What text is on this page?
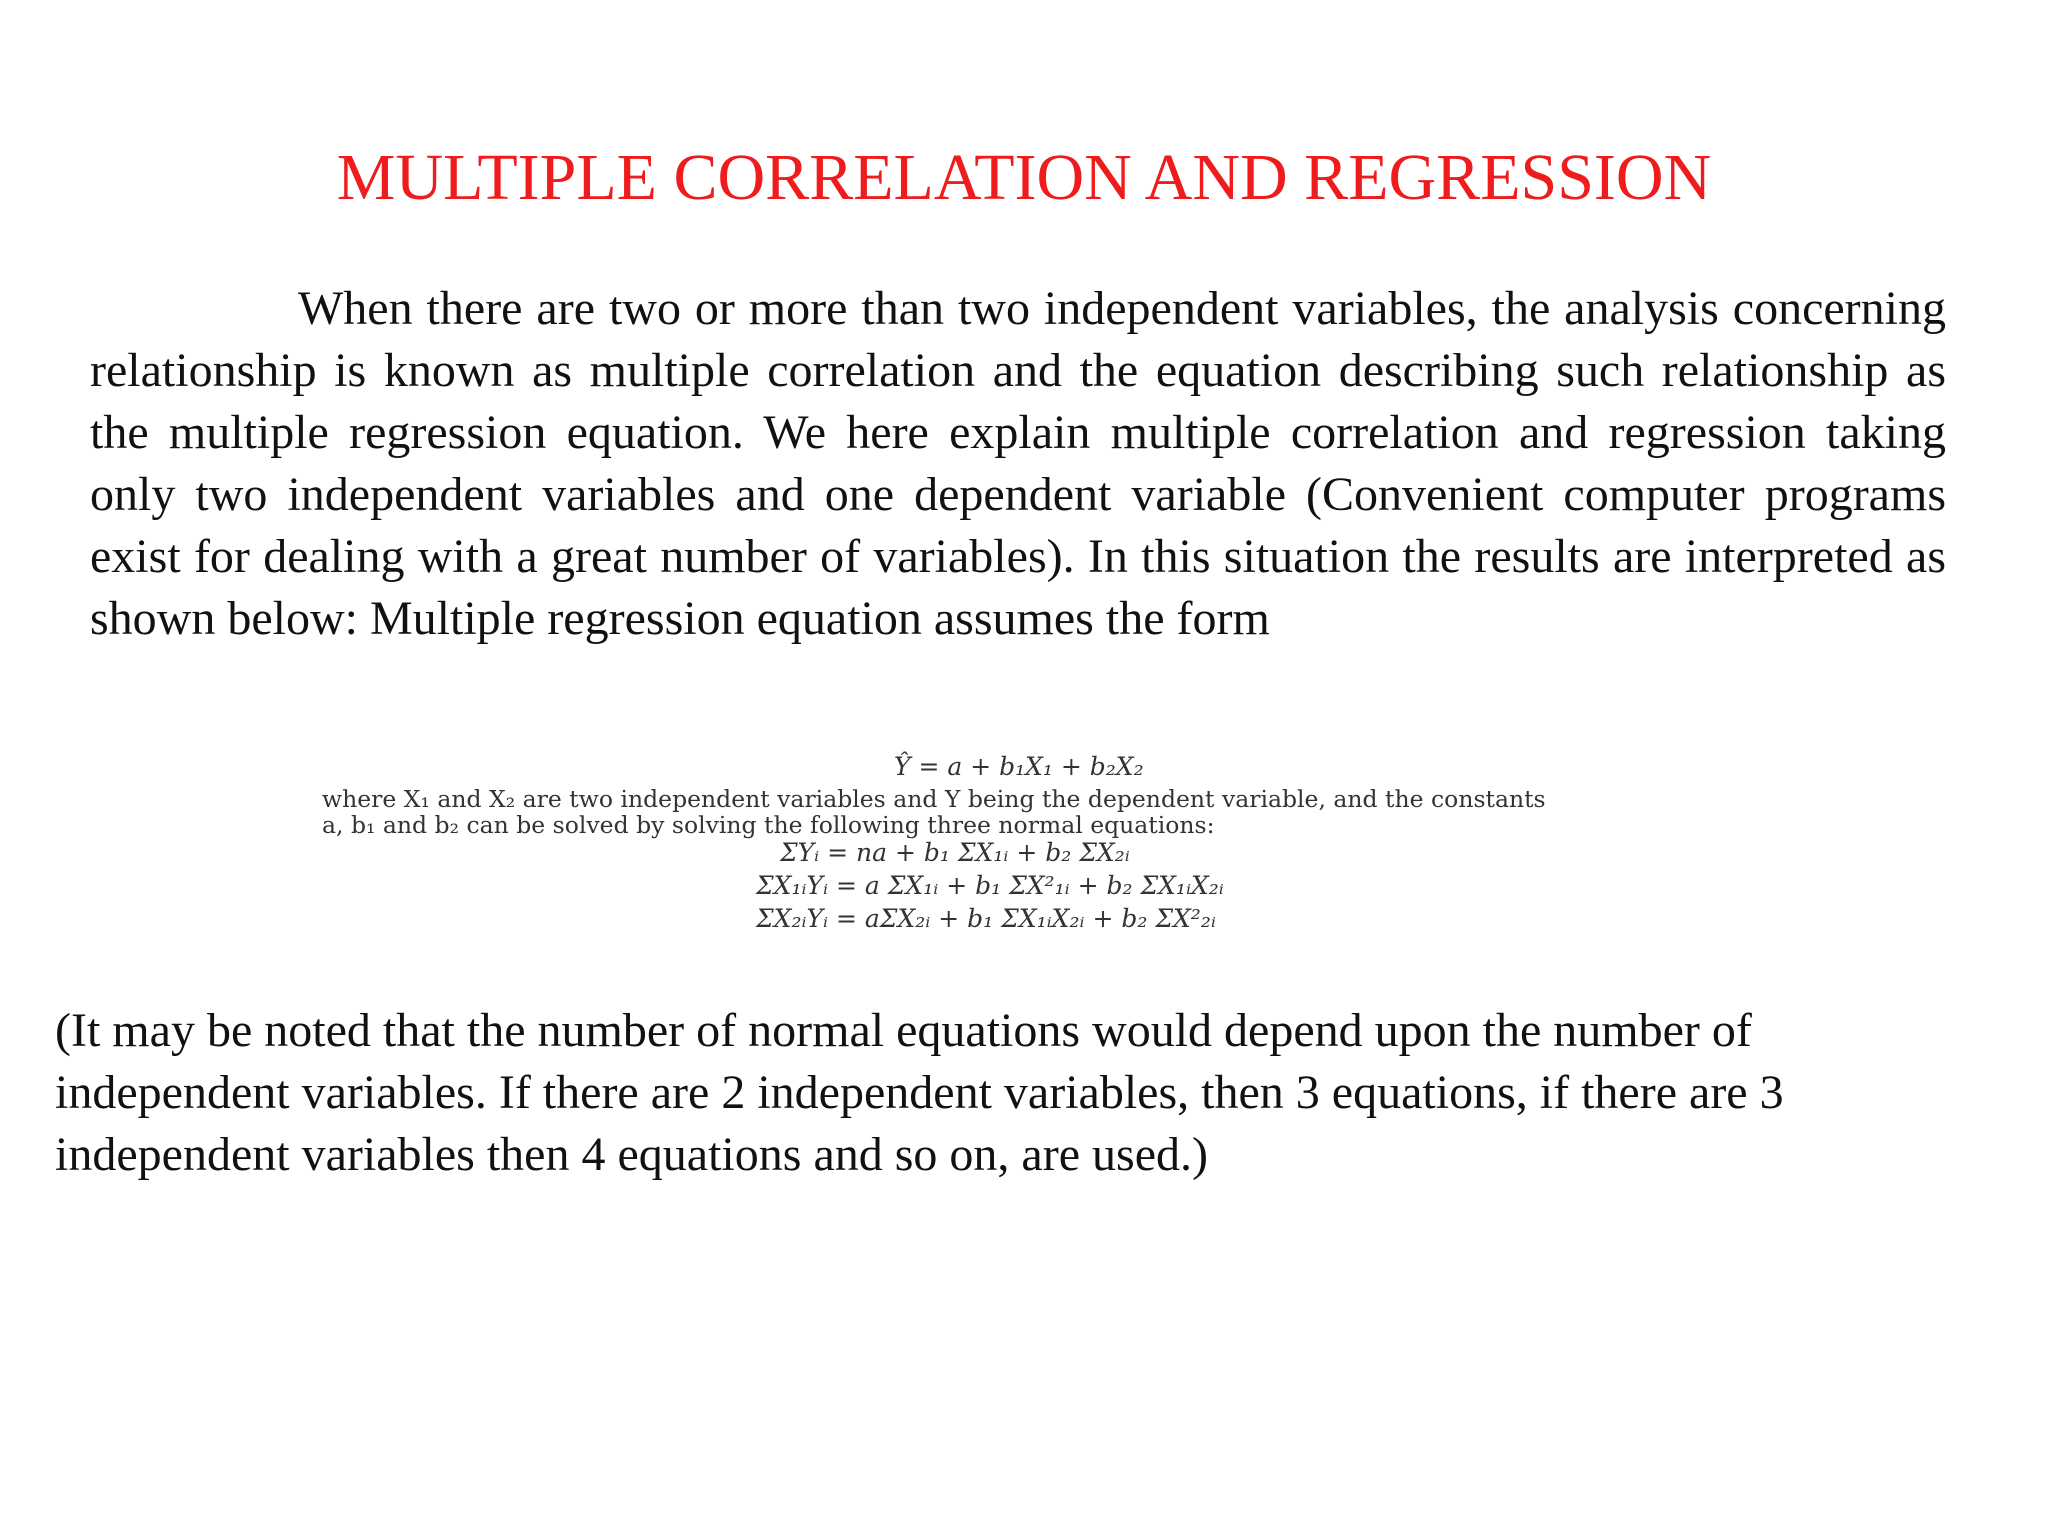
MULTIPLE CORRELATION AND REGRESSION

When there are two or more than two independent variables, the analysis concerning relationship is known as multiple correlation and the equation describing such relationship as the multiple regression equation. We here explain multiple correlation and regression taking only two independent variables and one dependent variable (Convenient computer programs exist for dealing with a great number of variables). In this situation the results are interpreted as shown below: Multiple regression equation assumes the form

Ŷ = a + b₁X₁ + b₂X₂
where X₁ and X₂ are two independent variables and Y being the dependent variable, and the constants
a, b₁ and b₂ can be solved by solving the following three normal equations:
ΣYᵢ = na + b₁ ΣX₁ᵢ + b₂ ΣX₂ᵢ
ΣX₁ᵢYᵢ = a ΣX₁ᵢ + b₁ ΣX²₁ᵢ + b₂ ΣX₁ᵢX₂ᵢ
ΣX₂ᵢYᵢ = aΣX₂ᵢ + b₁ ΣX₁ᵢX₂ᵢ + b₂ ΣX²₂ᵢ

(It may be noted that the number of normal equations would depend upon the number of independent variables. If there are 2 independent variables, then 3 equations, if there are 3 independent variables then 4 equations and so on, are used.)
